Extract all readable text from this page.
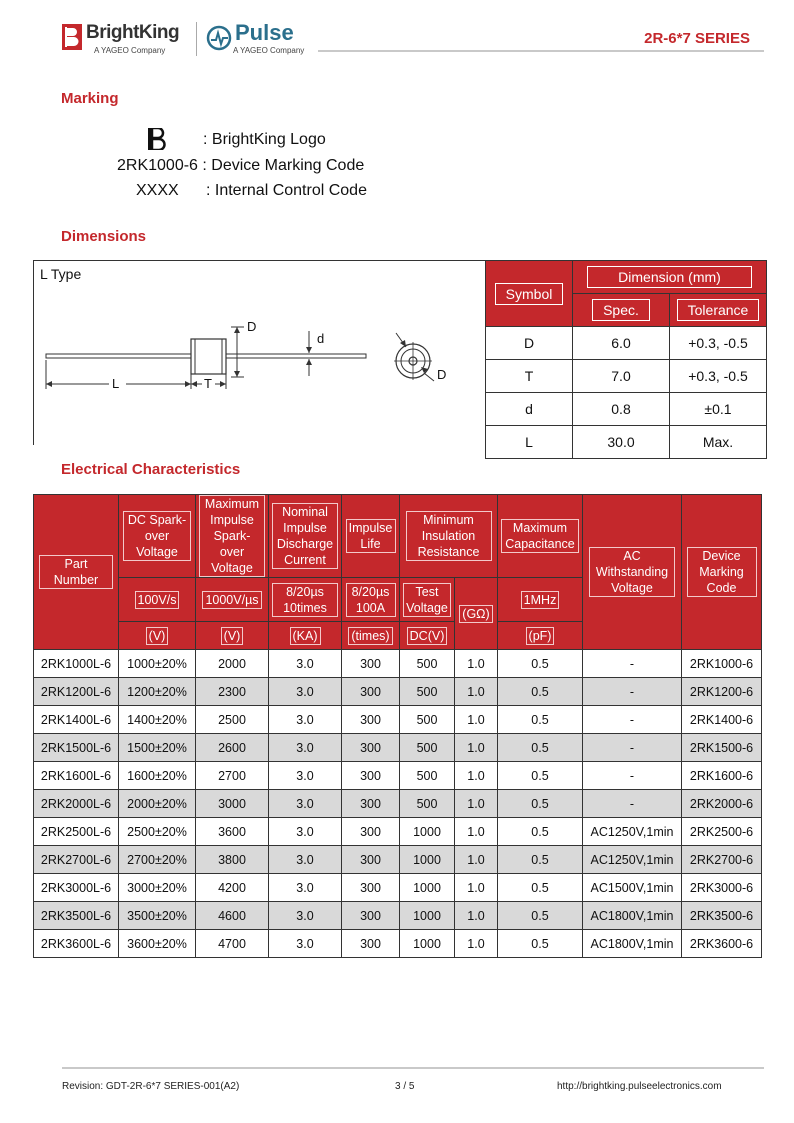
BrightKing
A YAGEO Company
Pulse
A YAGEO Company
2R-6*7 SERIES
Marking
: BrightKing Logo
2RK1000-6 : Device Marking Code
XXXX : Internal Control Code
Dimensions
L Type
D
d
L	T
D
Symbol	Dimension (mm)	
	Spec.	Tolerance
D	6.0	+0.3, -0.5
T	7.0	+0.3, -0.5
d	0.8	±0.1
L	30.0	Max.
Electrical Characteristics
Part Number	DC Spark-over Voltage	Maximum Impulse Spark-over Voltage	Nominal Impulse Discharge Current	Impulse Life	Minimum Insulation Resistance		Maximum Capacitance	AC Withstanding Voltage	Device Marking Code
	100V/s	1000V/µs	8/20µs 10times	8/20µs 100A	Test Voltage	(GΩ)	1MHz		
	(V)	(V)	(KA)	(times)	DC(V)		(pF)		
2RK1000L-6	1000±20%	2000	3.0	300	500	1.0	0.5	-	2RK1000-6
2RK1200L-6	1200±20%	2300	3.0	300	500	1.0	0.5	-	2RK1200-6
2RK1400L-6	1400±20%	2500	3.0	300	500	1.0	0.5	-	2RK1400-6
2RK1500L-6	1500±20%	2600	3.0	300	500	1.0	0.5	-	2RK1500-6
2RK1600L-6	1600±20%	2700	3.0	300	500	1.0	0.5	-	2RK1600-6
2RK2000L-6	2000±20%	3000	3.0	300	500	1.0	0.5	-	2RK2000-6
2RK2500L-6	2500±20%	3600	3.0	300	1000	1.0	0.5	AC1250V,1min	2RK2500-6
2RK2700L-6	2700±20%	3800	3.0	300	1000	1.0	0.5	AC1250V,1min	2RK2700-6
2RK3000L-6	3000±20%	4200	3.0	300	1000	1.0	0.5	AC1500V,1min	2RK3000-6
2RK3500L-6	3500±20%	4600	3.0	300	1000	1.0	0.5	AC1800V,1min	2RK3500-6
2RK3600L-6	3600±20%	4700	3.0	300	1000	1.0	0.5	AC1800V,1min	2RK3600-6
Revision: GDT-2R-6*7 SERIES-001(A2)	3 / 5	http://brightking.pulseelectronics.com
